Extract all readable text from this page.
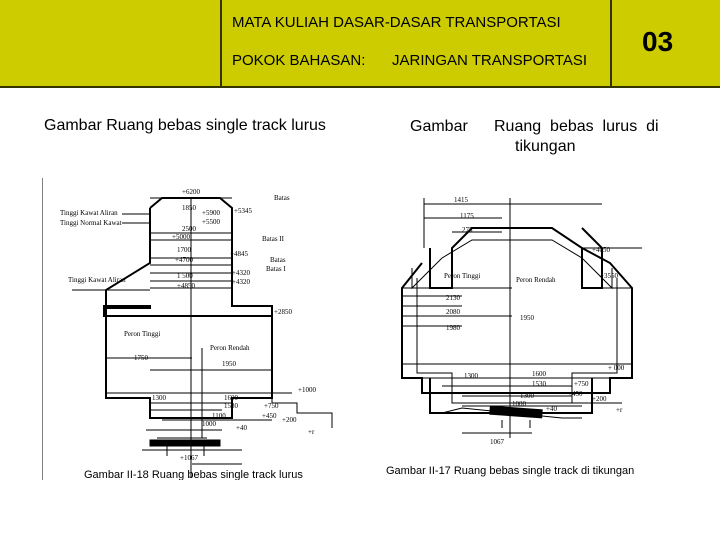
MATA KULIAH DASAR-DASAR TRANSPORTASI
POKOK BAHASAN: JARINGAN TRANSPORTASI
03
Gambar Ruang bebas single track lurus	Gambar Ruang  bebas  lurus  di
tikungan
+6200
Batas
1850
+5900
+5500
+5345
Tinggi Kawat Aliran
Tinggi Normal Kawat
2500
+5000	Batas II
1700	+4845
+4700	Batas
Batas I
Tinggi Kawat Aliran	1 500	+4320
+4850	+4320
+2850
Peron Tinggi
Peron Rendah
1750
1950
+1000
1300	1600
1530	+750
+450 +200
1100
1000	+40	+r
+1067
Gambar II-18 Ruang bebas single track lurus
1415
1175
275
+4050
Peron Tinggi	Peron Rendah	+3550
2130
2080
1950
1980
+ 000
1300	1600
1530	+750
1300	+450
1000
+200
+40	+r
1067
Gambar II-17 Ruang bebas single track di tikungan
